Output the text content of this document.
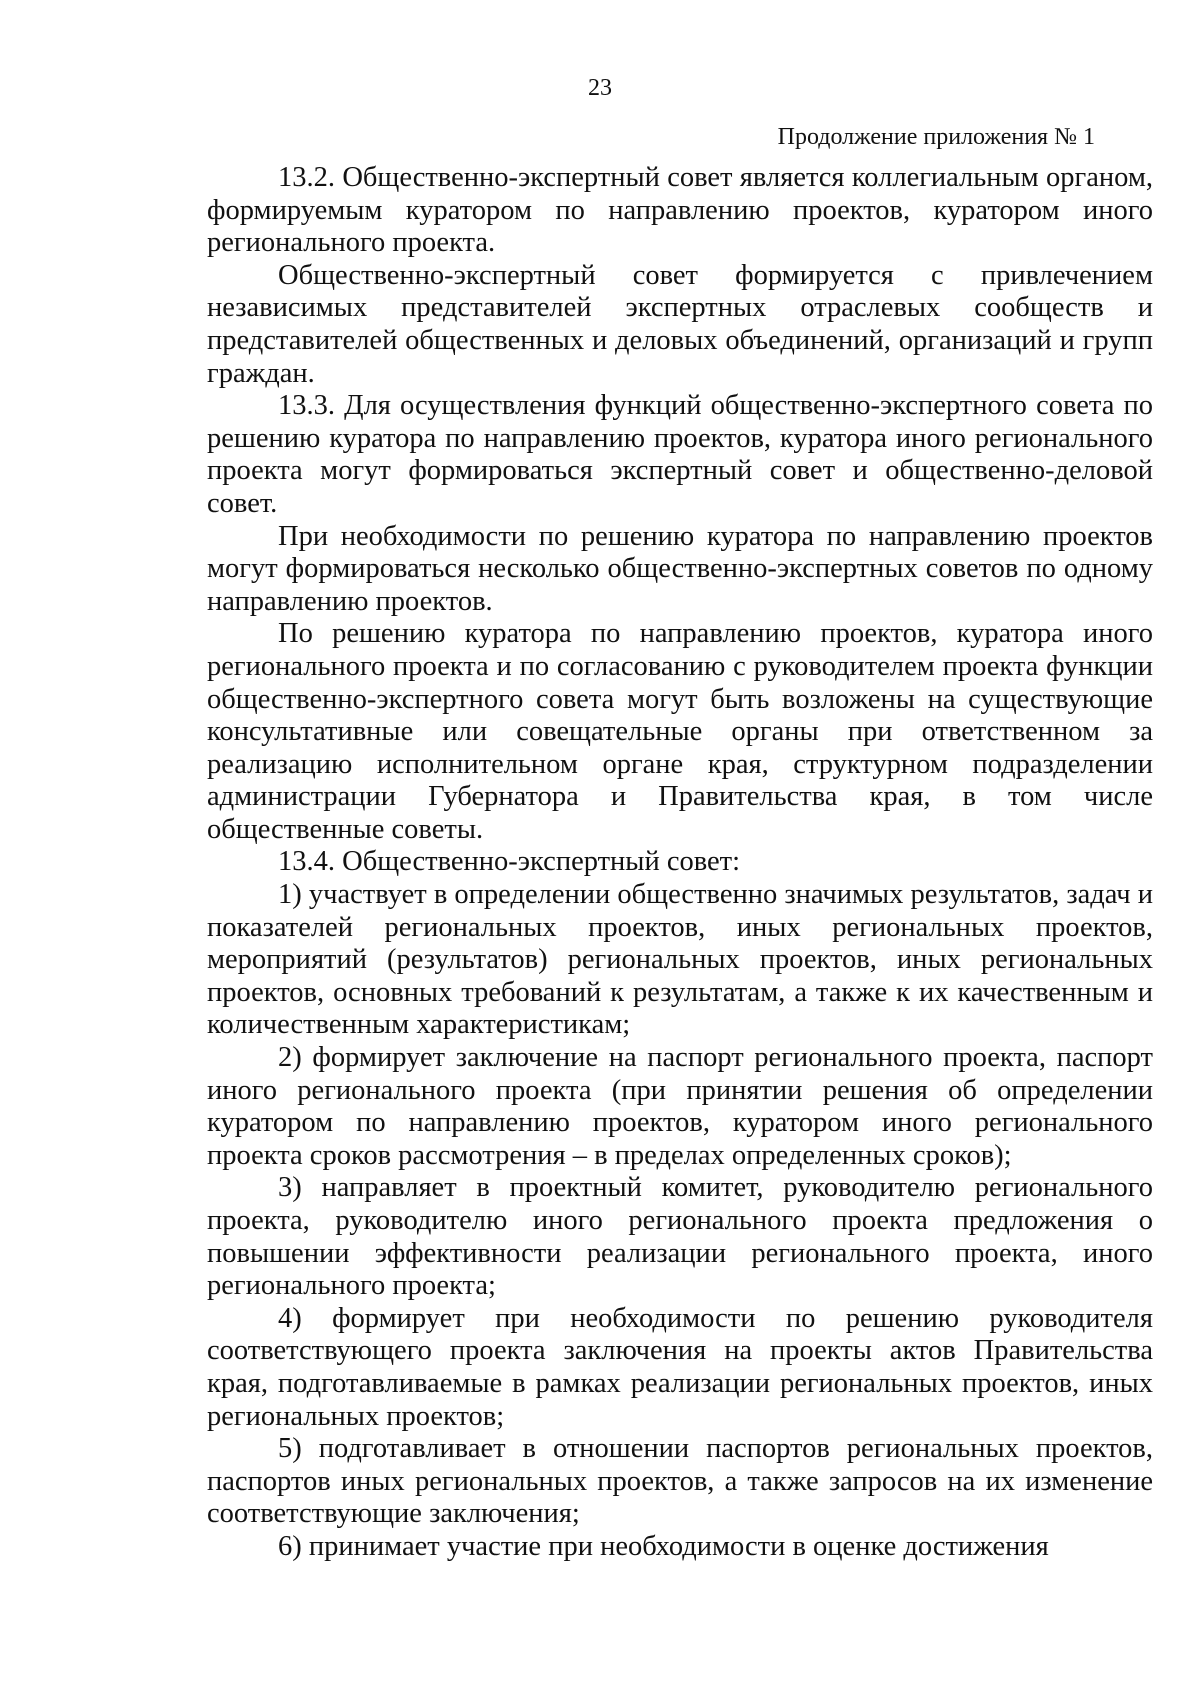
23
Продолжение приложения № 1

13.2. Общественно-экспертный совет является коллегиальным органом, формируемым куратором по направлению проектов, куратором иного регионального проекта.

Общественно-экспертный совет формируется с привлечением независимых представителей экспертных отраслевых сообществ и представителей общественных и деловых объединений, организаций и групп граждан.

13.3. Для осуществления функций общественно-экспертного совета по решению куратора по направлению проектов, куратора иного регионального проекта могут формироваться экспертный совет и общественно-деловой совет.

При необходимости по решению куратора по направлению проектов могут формироваться несколько общественно-экспертных советов по одному направлению проектов.

По решению куратора по направлению проектов, куратора иного регионального проекта и по согласованию с руководителем проекта функции общественно-экспертного совета могут быть возложены на существующие консультативные или совещательные органы при ответственном за реализацию исполнительном органе края, структурном подразделении администрации Губернатора и Правительства края, в том числе общественные советы.

13.4. Общественно-экспертный совет:

1) участвует в определении общественно значимых результатов, задач и показателей региональных проектов, иных региональных проектов, мероприятий (результатов) региональных проектов, иных региональных проектов, основных требований к результатам, а также к их качественным и количественным характеристикам;

2) формирует заключение на паспорт регионального проекта, паспорт иного регионального проекта (при принятии решения об определении куратором по направлению проектов, куратором иного регионального проекта сроков рассмотрения – в пределах определенных сроков);

3) направляет в проектный комитет, руководителю регионального проекта, руководителю иного регионального проекта предложения о повышении эффективности реализации регионального проекта, иного регионального проекта;

4) формирует при необходимости по решению руководителя соответствующего проекта заключения на проекты актов Правительства края, подготавливаемые в рамках реализации региональных проектов, иных региональных проектов;

5) подготавливает в отношении паспортов региональных проектов, паспортов иных региональных проектов, а также запросов на их изменение соответствующие заключения;

6) принимает участие при необходимости в оценке достижения
